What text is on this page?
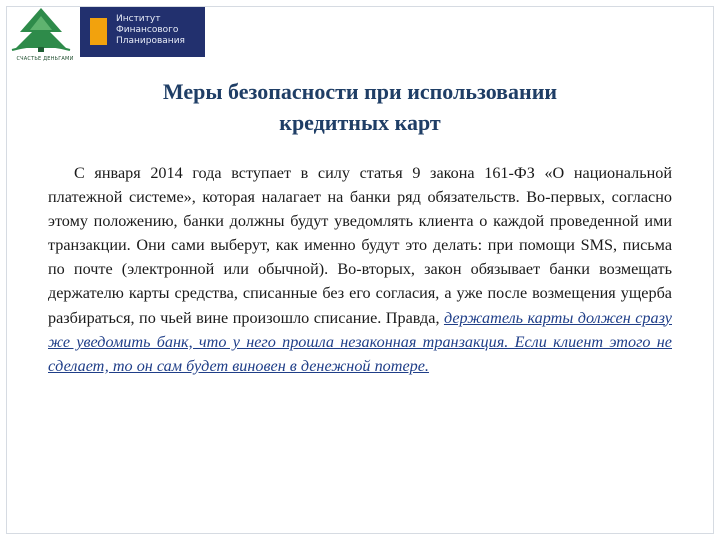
СЧАСТЬЕ ДЕНЬГАМИ
Институт
Финансового
Планирования
Меры безопасности при использовании
кредитных карт
С января 2014 года вступает в силу статья 9 закона 161-ФЗ «О национальной платежной системе», которая налагает на банки ряд обязательств. Во-первых, согласно этому положению, банки должны будут уведомлять клиента о каждой проведенной ими транзакции. Они сами выберут, как именно будут это делать: при помощи SMS, письма по почте (электронной или обычной). Во-вторых, закон обязывает банки возмещать держателю карты средства, списанные без его согласия, а уже после возмещения ущерба разбираться, по чьей вине произошло списание. Правда, держатель карты должен сразу же уведомить банк, что у него прошла незаконная транзакция. Если клиент этого не сделает, то он сам будет виновен в денежной потере.
